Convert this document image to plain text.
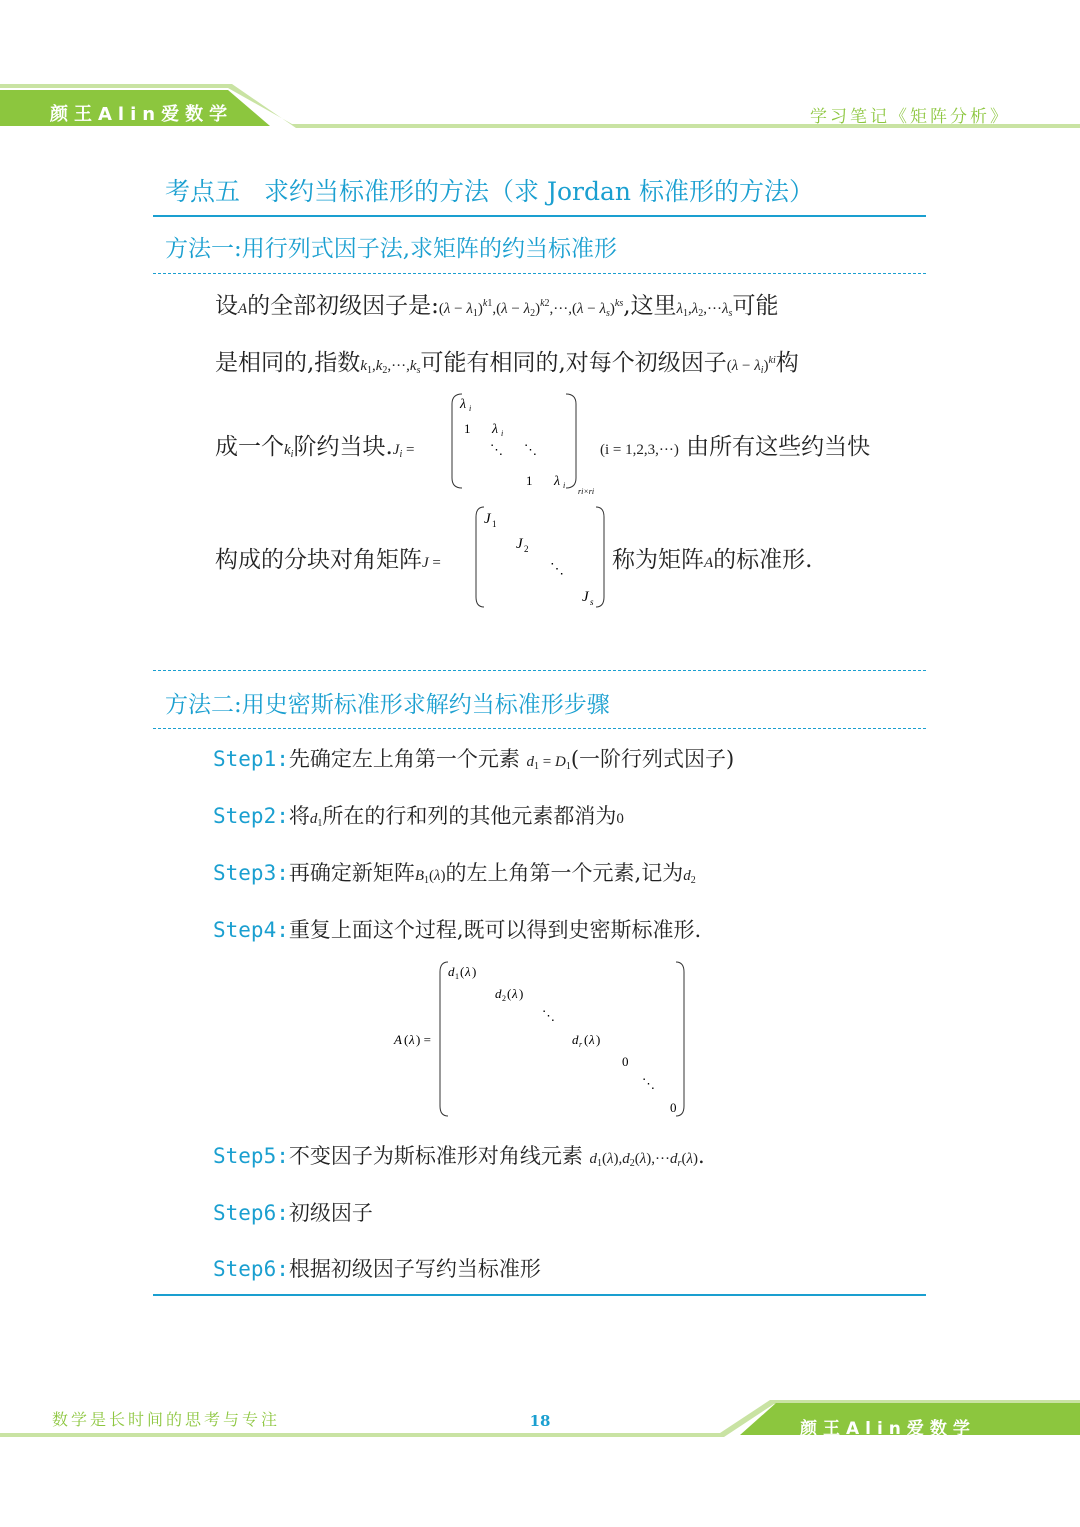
颜王Alin爱数学	学习笔记《矩阵分析》
考点五 求约当标准形的方法（求 Jordan 标准形的方法）
方法一:用行列式因子法,求矩阵的约当标准形
设A的全部初级因子是:(λ − $\lambda_1)^{k1},(\lambda - \lambda_2)^{k2},\cdot\cdot\cdot,(\lambda - \lambda_s)^{ks}$,这里$\lambda_1,\lambda_2,\cdot\cdot\cdot\lambda_s$可能
是相同的,指数$k_1,k_2,\cdot\cdot\cdot,k_s$可能有相同的,对每个初级因子$(\lambda - \lambda_i)^{ki}$构
成一个$k_i$阶约当块$.J_i$ =
λ i
1 λ i
⋱ ⋱
1 λ i
ri×ri
(i = 1,2,3,···) 由所有这些约当快
构成的分块对角矩阵J =
J 1
J 2
⋱
J s
称为矩阵A的标准形.
方法二:用史密斯标准形求解约当标准形步骤
Step1:先确定左上角第一个元素 $d_1 = D_1$(一阶行列式因子)
Step2:将$d_1$所在的行和列的其他元素都消为0
Step3:再确定新矩阵$B_1(\lambda)$的左上角第一个元素,记为$d_2$
Step4:重复上面这个过程,既可以得到史密斯标准形.
A ( λ ) =
d 1 ( λ )
d 2 ( λ )
⋱
d r ( λ )
0
⋱
0
Step5:不变因子为斯标准形对角线元素 $d_1(\lambda),d_2(\lambda),\cdot\cdot\cdot d_r(\lambda)$.
Step6:初级因子
Step6:根据初级因子写约当标准形
数学是长时间的思考与专注	18	颜王Alin爱数学
